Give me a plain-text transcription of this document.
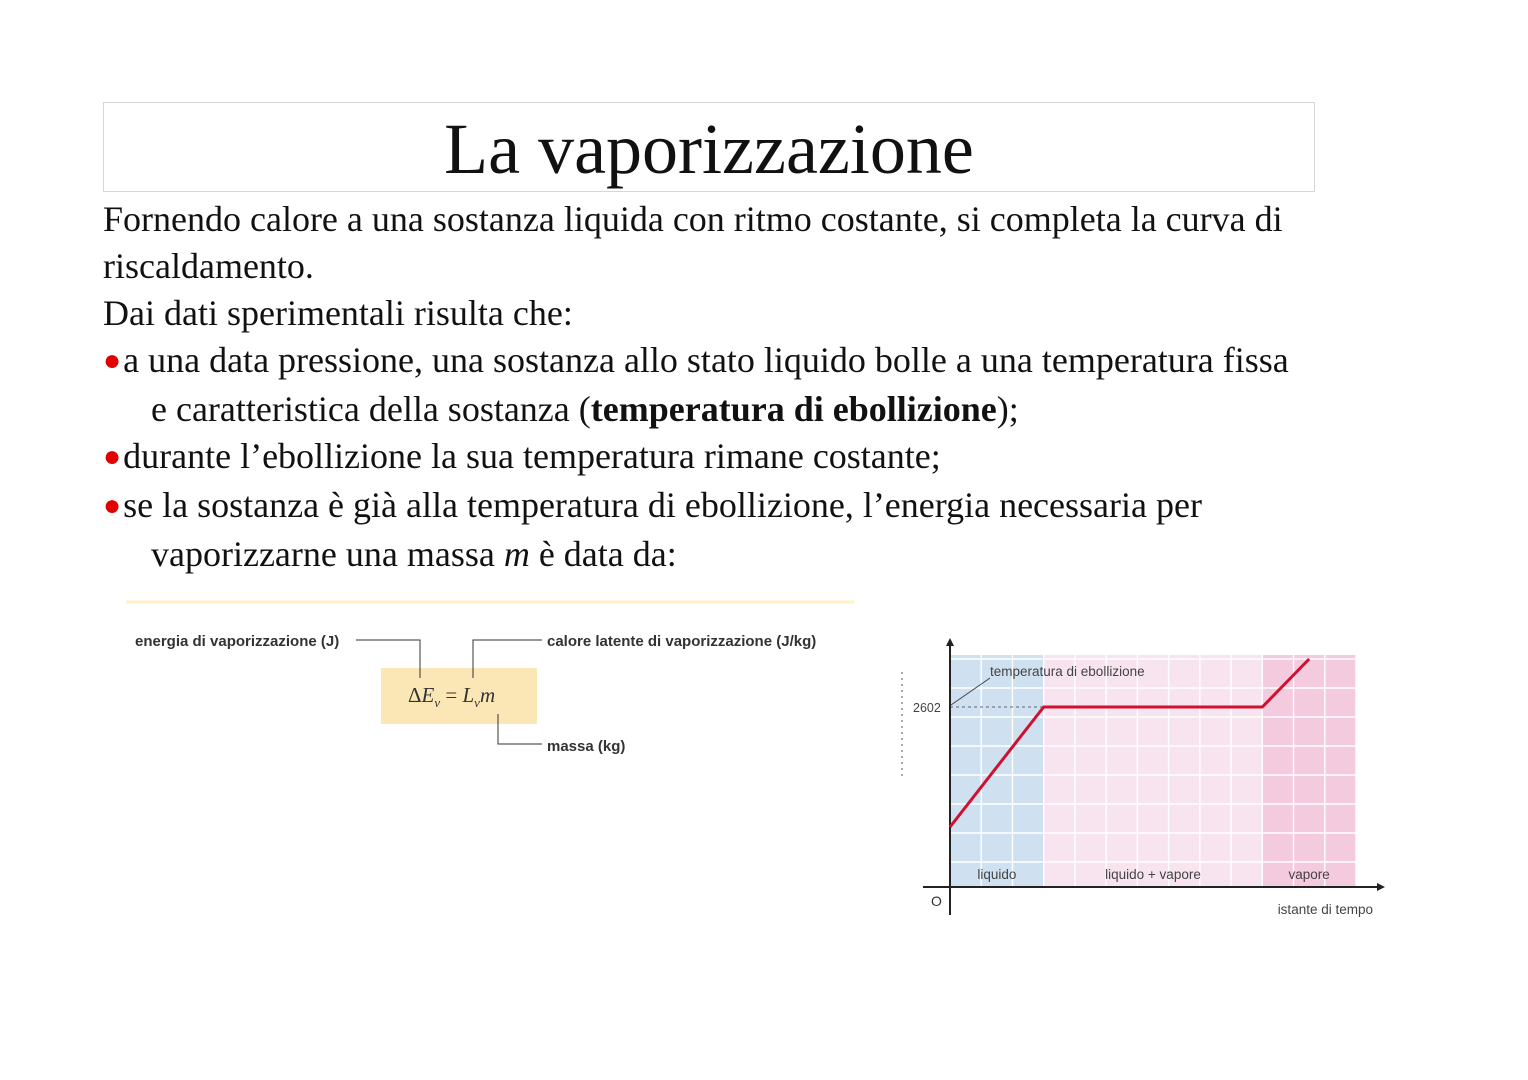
La vaporizzazione
Fornendo calore a una sostanza liquida con ritmo costante, si completa la curva di
riscaldamento.
Dai dati sperimentali risulta che:
●a una data pressione, una sostanza allo stato liquido bolle a una temperatura fissa
e caratteristica della sostanza (temperatura di ebollizione);
●durante l’ebollizione la sua temperatura rimane costante;
●se la sostanza è già alla temperatura di ebollizione, l’energia necessaria per
vaporizzarne una massa m è data da:
energia di vaporizzazione (J)	calore latente di vaporizzazione (J/kg)
massa (kg)
$\Delta E_v = L_vm$
temperatura di ebollizione
2602
liquido	liquido + vapore	vapore
O
istante di tempo
